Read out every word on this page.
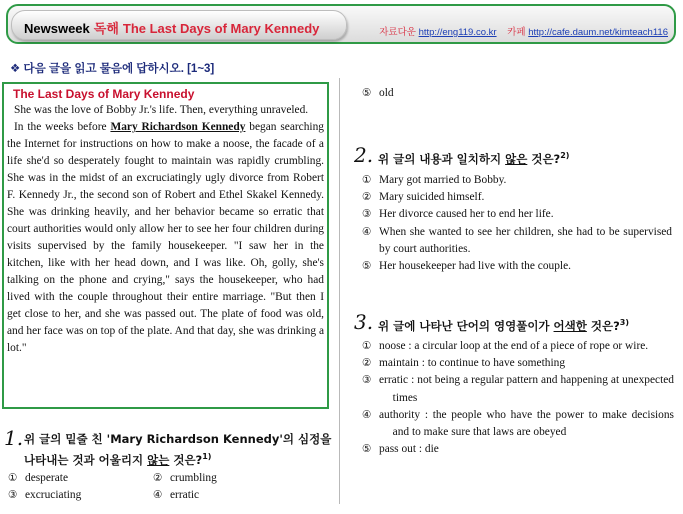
Newsweek 독해 The Last Days of Mary Kennedy	자료다운 http://eng119.co.kr 카페 http://cafe.daum.net/kimteach116
❖ 다음 글을 읽고 물음에 답하시오. [1~3]
The Last Days of Mary Kennedy

She was the love of Bobby Jr.'s life. Then, everything unraveled.

In the weeks before Mary Richardson Kennedy began searching the Internet for instructions on how to make a noose, the facade of a life she'd so desperately fought to maintain was rapidly crumbling. She was in the midst of an excruciatingly ugly divorce from Robert F. Kennedy Jr., the second son of Robert and Ethel Skakel Kennedy. She was drinking heavily, and her behavior became so erratic that court authorities would only allow her to see her four children during visits supervised by the family housekeeper. "I saw her in the kitchen, like with her head down, and I was like. Oh, golly, she's talking on the phone and crying," says the housekeeper, who had lived with the couple throughout their entire marriage. "But then I get close to her, and she was passed out. The plate of food was old, and her face was on top of the plate. And that day, she was drinking a lot."

1. 위 글의 밑줄 친 'Mary Richardson Kennedy'의 심정을
나타내는 것과 어울리지 않는 것은?$^{1)}$
① desperate	② crumbling
③ excruciating	④ erratic
⑤ old
2. 위 글의 내용과 일치하지 않은 것은?$^{2)}$
① Mary got married to Bobby.
② Mary suicided himself.
③ Her divorce caused her to end her life.
④ When she wanted to see her children, she had to be supervised by court authorities.
⑤ Her housekeeper had live with the couple.
3. 위 글에 나타난 단어의 영영풀이가 어색한 것은?$^{3)}$
① noose : a circular loop at the end of a piece of rope or wire.
② maintain : to continue to have something
③ erratic : not being a regular pattern and happening at unexpected times
④ authority : the people who have the power to make decisions and to make sure that laws are obeyed
⑤ pass out : die
